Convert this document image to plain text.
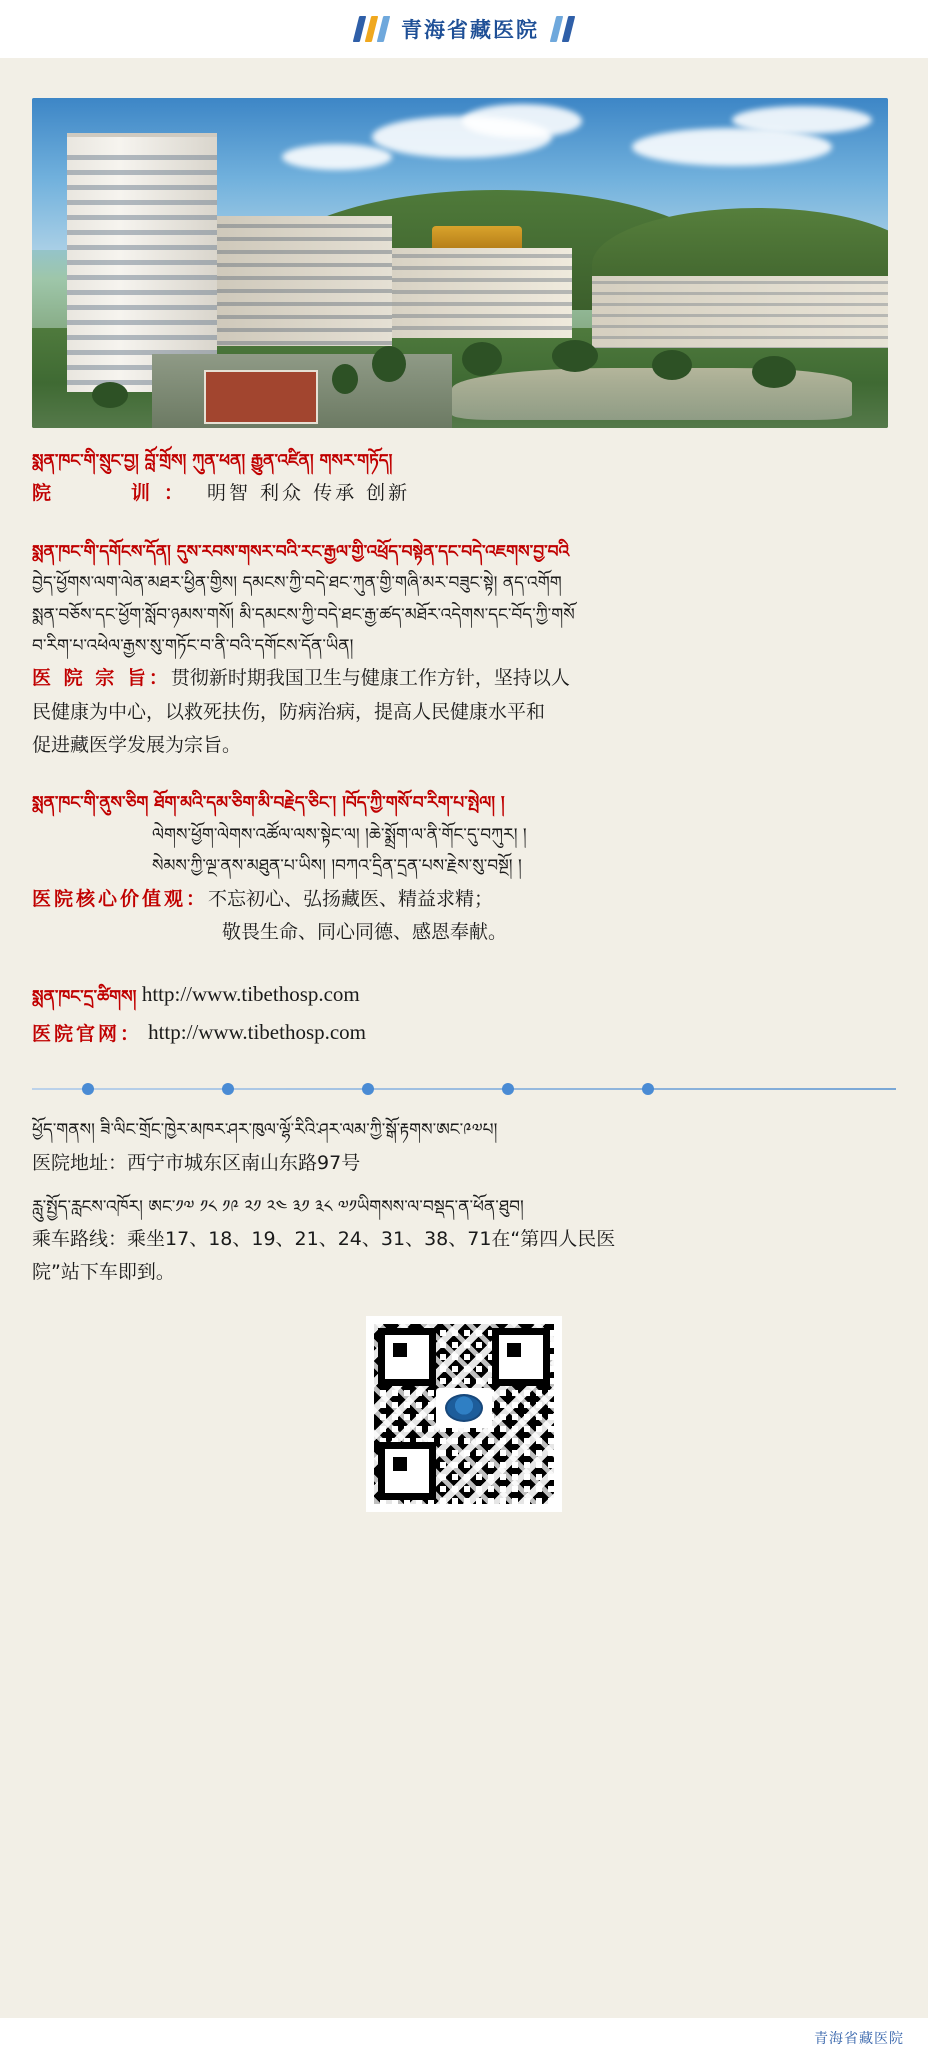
青海省藏医院
སྨན་ཁང་གི་སྲུང་བྱ། བློ་གྲོས། ཀུན་ཕན། རྒྱུན་འཛིན། གསར་གཏོད།
院　　训： 明智 利众 传承 创新
སྨན་ཁང་གི་དགོངས་དོན། དུས་རབས་གསར་བའི་རང་རྒྱལ་གྱི་འཕྲོད་བསྟེན་དང་བདེ་འཇགས་བྱ་བའི
བྱེད་ཕྱོགས་ལག་ལེན་མཐར་ཕྱིན་གྱིས། དམངས་ཀྱི་བདེ་ཐང་ཀུན་གྱི་གཞི་མར་བཟུང་སྟེ། ནད་འགོག
སྨན་བཅོས་དང་ཕྱོག་སློབ་ཉམས་གསོ། མི་དམངས་ཀྱི་བདེ་ཐང་རྒྱ་ཚད་མཐོར་འདེགས་དང་བོད་ཀྱི་གསོ
བ་རིག་པ་འཕེལ་རྒྱས་སུ་གཏོང་བ་ནི་བའི་དགོངས་དོན་ཡིན།
医 院 宗 旨：贯彻新时期我国卫生与健康工作方针，坚持以人
民健康为中心，以救死扶伤，防病治病，提高人民健康水平和
促进藏医学发展为宗旨。
སྨན་ཁང་གི་ནུས་ཅིག ཐོག་མའི་དམ་ཅིག་མི་བརྗེད་ཅིང་། །བོད་ཀྱི་གསོ་བ་རིག་པ་སྤེལ། །
ལེགས་ཕྱོག་ལེགས་འཚོལ་ལས་སྟེང་ལ། །ཆེ་སྨྲོག་ལ་ནི་གོང་དུ་བཀུར། །
སེམས་ཀྱི་ལྔ་ནས་མཐུན་པ་ཡིས། །བཀའ་དྲིན་དྲན་པས་རྗེས་སུ་བསྔོ། །
医院核心价值观：不忘初心、弘扬藏医、精益求精；
敬畏生命、同心同德、感恩奉献。
སྨན་ཁང་དྲ་ཚིགས། http://www.tibethosp.com
医院官网： http://www.tibethosp.com
ཕྱོད་གནས། ཟི་ལིང་གྲོང་ཁྱེར་མཁར་ཤར་ཁུལ་ལྷོ་རིའི་ཤར་ལམ་ཀྱི་སྒོ་རྟགས་ཨང་༩༧པ།
医院地址：西宁市城东区南山东路97号
རླུ་སྤྱོད་རླངས་འཁོར། ཨང་༡༧ ༡༨ ༡༩ ༢༡ ༢༤ ༣༡ ༣༨ ༧༡ཡིགསས་ལ་བསྡད་ན་ཕོན་ཐུབ།
乘车路线：乘坐17、18、19、21、24、31、38、71在“第四人民医
院”站下车即到。
青海省藏医院
